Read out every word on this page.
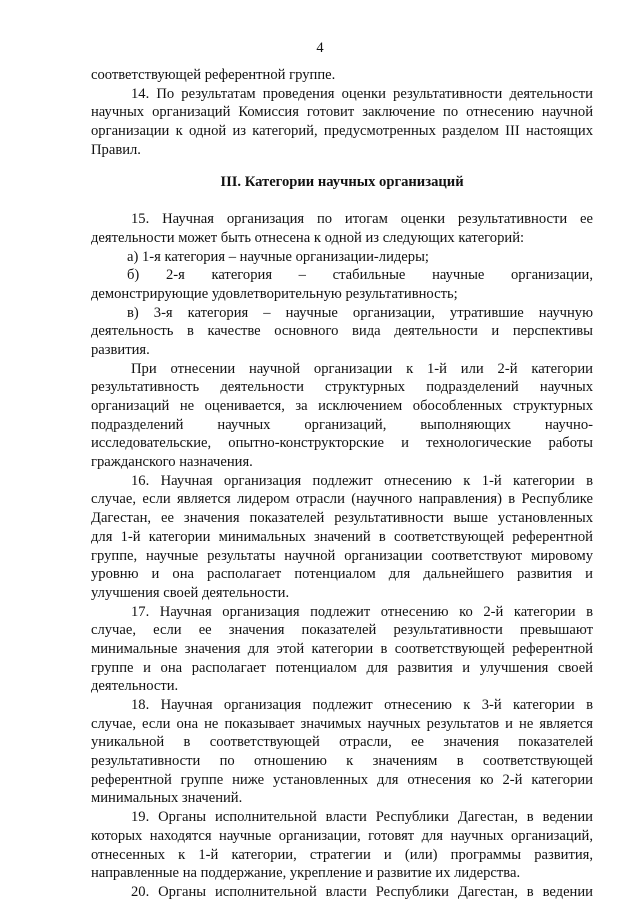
4
соответствующей референтной группе.
14. По результатам проведения оценки результативности деятельности
научных организаций Комиссия готовит заключение по отнесению научной
организации к одной из категорий, предусмотренных разделом III настоящих
Правил.
III. Категории научных организаций
15. Научная организация по итогам оценки результативности ее
деятельности может быть отнесена к одной из следующих категорий:
а) 1-я категория – научные организации-лидеры;
б) 2-я категория – стабильные научные организации,
демонстрирующие удовлетворительную результативность;
в) 3-я категория – научные организации, утратившие научную
деятельность в качестве основного вида деятельности и перспективы
развития.
При отнесении научной организации к 1-й или 2-й категории
результативность деятельности структурных подразделений научных
организаций не оценивается, за исключением обособленных структурных
подразделений научных организаций, выполняющих научно-
исследовательские, опытно-конструкторские и технологические работы
гражданского назначения.
16. Научная организация подлежит отнесению к 1-й категории в
случае, если является лидером отрасли (научного направления) в Республике
Дагестан, ее значения показателей результативности выше установленных
для 1-й категории минимальных значений в соответствующей референтной
группе, научные результаты научной организации соответствуют мировому
уровню и она располагает потенциалом для дальнейшего развития и
улучшения своей деятельности.
17. Научная организация подлежит отнесению ко 2-й категории в
случае, если ее значения показателей результативности превышают
минимальные значения для этой категории в соответствующей референтной
группе и она располагает потенциалом для развития и улучшения своей
деятельности.
18. Научная организация подлежит отнесению к 3-й категории в
случае, если она не показывает значимых научных результатов и не является
уникальной в соответствующей отрасли, ее значения показателей
результативности по отношению к значениям в соответствующей
референтной группе ниже установленных для отнесения ко 2-й категории
минимальных значений.
19. Органы исполнительной власти Республики Дагестан, в ведении
которых находятся научные организации, готовят для научных организаций,
отнесенных к 1-й категории, стратегии и (или) программы развития,
направленные на поддержание, укрепление и развитие их лидерства.
20. Органы исполнительной власти Республики Дагестан, в ведении
